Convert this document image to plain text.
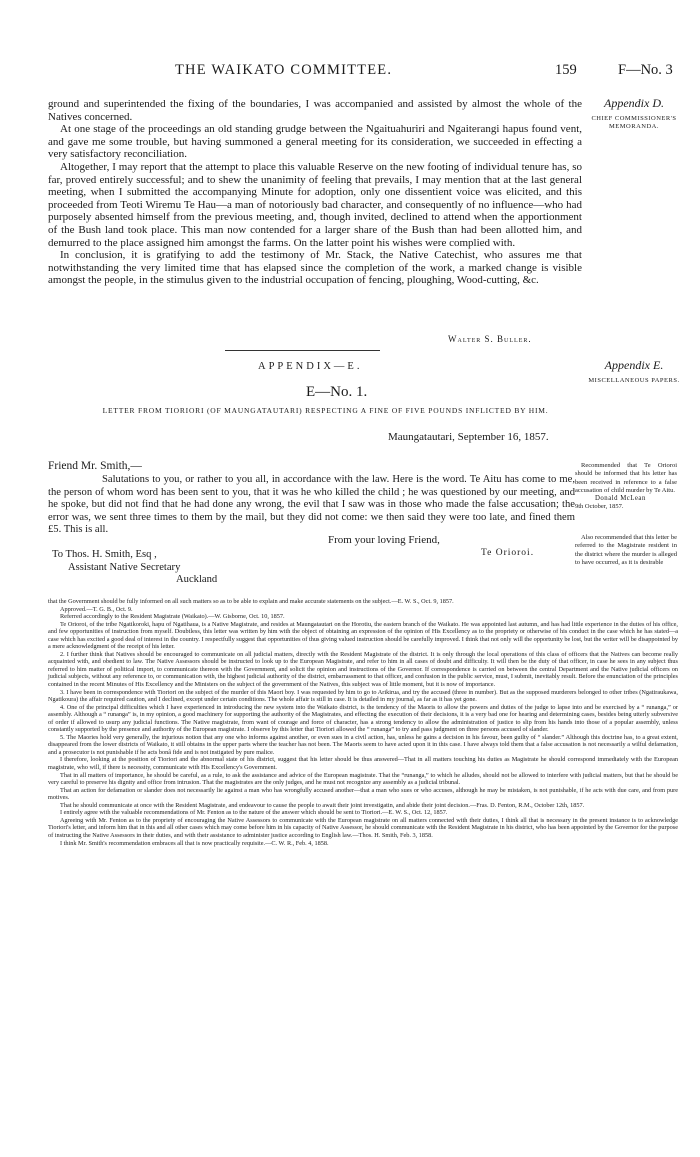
THE WAIKATO COMMITTEE.	159	F—No. 3
Appendix D.
CHIEF COMMISSIONER'S MEMORANDA.

ground and superintended the fixing of the boundaries, I was accompanied and assisted by almost the whole of the Natives concerned.

At one stage of the proceedings an old standing grudge between the Ngaituahuriri and Ngaiterangi hapus found vent, and gave me some trouble, but having summoned a general meeting for its consideration, we succeeded in effecting a very satisfactory reconciliation.

Altogether, I may report that the attempt to place this valuable Reserve on the new footing of individual tenure has, so far, proved entirely successful; and to shew the unanimity of feeling that prevails, I may mention that at the last general meeting, when I submitted the accompanying Minute for adoption, only one dissentient voice was elicited, and this proceeded from Teoti Wiremu Te Hau—a man of notoriously bad character, and consequently of no influence—who had purposely absented himself from the previous meeting, and, though invited, declined to attend when the apportionment of the Bush land took place. This man now contended for a larger share of the Bush than had been allotted him, and demurred to the place assigned him amongst the farms. On the latter point his wishes were complied with.

In conclusion, it is gratifying to add the testimony of Mr. Stack, the Native Catechist, who assures me that notwithstanding the very limited time that has elapsed since the completion of the work, a marked change is visible amongst the people, in the stimulus given to the industrial occupation of fencing, ploughing, Wood-cutting, &c.

Walter S. Buller.
APPENDIX—E.	Appendix E.
MISCELLANEOUS PAPERS.
E—No. 1.
LETTER FROM TIORIORI (OF MAUNGATAUTARI) RESPECTING A FINE OF FIVE POUNDS INFLICTED BY HIM.
Maungatautari, September 16, 1857.
Friend Mr. Smith,—

Salutations to you, or rather to you all, in accordance with the law. Here is the word. Te Aitu has come to me, the person of whom word has been sent to you, that it was he who killed the child ; he was questioned by our meeting, and he spoke, but did not find that he had done any wrong, the evil that I saw was in those who made the false accusation; the error was, we sent three times to them by the mail, but they did not come: we then said they were too late, and fined them £5. This is all.

Recommended that Te Orioroi should be informed that his letter has been received in reference to a false accusation of child murder by Te Aitu.
Donald McLean
9th October, 1857.
From your loving Friend,
To Thos. H. Smith, Esq ,
Assistant Native Secretary
Auckland
Te Orioroi.
Also recommended that this letter be referred to the Magistrate resident in the district where the murder is alleged to have occurred, as it is desirable

that the Government should be fully informed on all such matters so as to be able to explain and make accurate statements on the subject.—E. W. S., Oct. 9, 1857.

Approved.—T. G. B., Oct. 9.

Referred accordingly to the Resident Magistrate (Waikato).—W. Gisborne, Oct. 10, 1857.

Te Orioroi, of the tribe Ngatikoroki, hapu of Ngatihaua, is a Native Magistrate, and resides at Maungatautari on the Horotiu, the eastern branch of the Waikato. He was appointed last autumn, and has had little experience in the duties of his office, and few opportunities of instruction from myself. Doubtless, this letter was written by him with the object of obtaining an expression of the opinion of His Excellency as to the propriety or otherwise of his conduct in the case which he has stated—a case which has excited a good deal of interest in the country. I respectfully suggest that opportunities of thus giving valued instruction should be carefully improved. I think that not only will the opportunity be lost, but the writer will be disappointed by a mere acknowledgment of the receipt of his letter.

2. I further think that Natives should be encouraged to communicate on all judicial matters, directly with the Resident Magistrate of the district. It is only through the local operations of this class of officers that the Natives can become really acquainted with, and obedient to law. The Native Assessors should be instructed to look up to the European Magistrate, and refer to him in all cases of doubt and difficulty. It will then be the duty of that officer, in case he sees in any subject thus referred to him matter of political import, to communicate thereon with the Government, and solicit the opinion and instructions of the Governor. If correspondence is carried on between the central Department and the Native judicial officers on judicial subjects, without any reference to, or communication with, the highest judicial authority of the district, embarrassment to that officer, and confusion in the public service, must, I submit, inevitably result. Before the enunciation of the principles contained in the recent Minutes of His Excellency and the Ministers on the subject of the government of the Natives, this subject was of little moment, but it is now of importance.

3. I have been in correspondence with Tioriori on the subject of the murder of this Maori boy. I was requested by him to go to Arikirua, and try the accused (three in number). But as the supposed murderers belonged to other tribes (Ngatiraukawa, Ngatikoura) the affair required caution, and I declined, except under certain conditions. The whole affair is still in case. It is detailed in my journal, as far as it has yet gone.

4. One of the principal difficulties which I have experienced in introducing the new system into the Waikato district, is the tendency of the Maoris to allow the powers and duties of the judge to lapse into and be exercised by a “ runanga,” or assembly. Although a “ runanga” is, in my opinion, a good machinery for supporting the authority of the Magistrates, and effecting the execution of their decisions, it is a very bad one for hearing and determining cases, besides being utterly subversive of order if allowed to usurp any judicial functions. The Native magistrate, from want of courage and force of character, has a strong tendency to allow the administration of justice to slip from his hands into those of a popular assembly, unless constantly supported by the presence and authority of the European magistrate. I observe by this letter that Tioriori allowed the “ runanga” to try and pass judgment on three persons accused of slander.

5. The Maories hold very generally, the injurious notion that any one who informs against another, or even sues in a civil action, has, unless he gains a decision in his favour, been guilty of “ slander.” Although this doctrine has, to a great extent, disappeared from the lower districts of Waikato, it still obtains in the upper parts where the teacher has not been. The Maoris seem to have acted upon it in this case. I have always told them that a false accusation is not necessarily a wilful defamation, and a prosecutor is not punishable if he acts bonâ fide and is not instigated by pure malice.

I therefore, looking at the position of Tioriori and the abnormal state of his district, suggest that his letter should be thus answered—That in all matters touching his duties as Magistrate he should correspond immediately with the European magistrate, who will, if there is necessity, communicate with His Excellency's Government.

That in all matters of importance, he should be careful, as a rule, to ask the assistance and advice of the European magistrate. That the “runanga,” to which he alludes, should not be allowed to interfere with judicial matters, but that he should be very careful to preserve his dignity and office from intrusion. That the magistrates are the only judges, and he must not recognize any assembly as a judicial tribunal.

That an action for defamation or slander does not necessarily lie against a man who has wrongfully accused another—that a man who sues or who accuses, although he may be mistaken, is not punishable, if he acts with due care, and from pure motives.

That he should communicate at once with the Resident Magistrate, and endeavour to cause the people to await their joint investigatin, and abide their joint decision.—Fras. D. Fenton, R.M., October 12th, 1857.

I entirely agree with the valuable recommendations of Mr. Fenton as to the nature of the answer which should be sent to Tioriori.—E. W. S., Oct. 12, 1857.

Agreeing with Mr. Fenton as to the propriety of encouraging the Native Assessors to communicate with the European magistrate on all matters connected with their duties, I think all that is necessary in the present instance is to acknowledge Tioriori's letter, and inform him that in this and all other cases which may come before him in his capacity of Native Assessor, he should communicate with the Resident Magistrate in his district, who has been appointed by the Governor for the purpose of instructing the Native Assessors in their duties, and with their assistance to administer justice according to English law.—Thos. H. Smith, Feb. 3, 1858.

I think Mr. Smith's recommendation embraces all that is now practically requisite.—C. W. R., Feb. 4, 1858.
